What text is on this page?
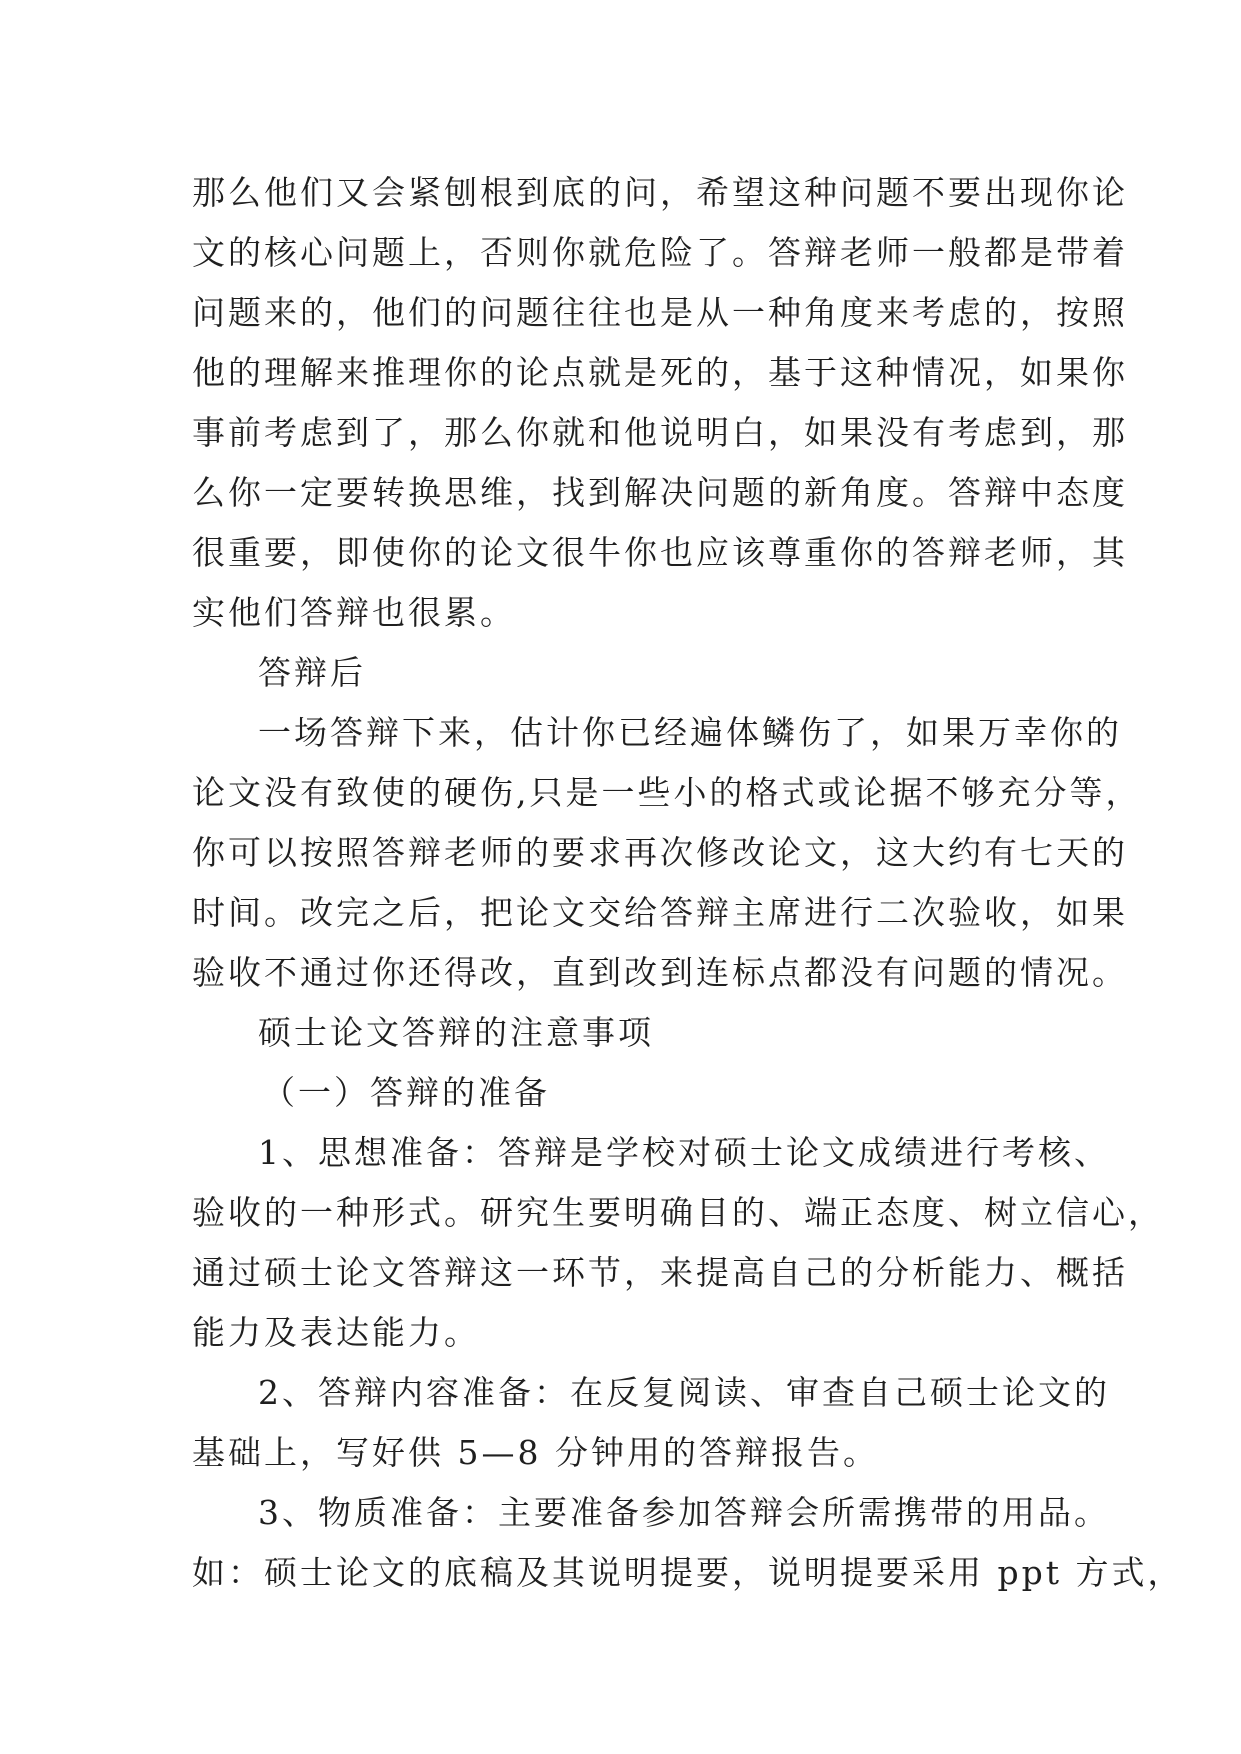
那么他们又会紧刨根到底的问，希望这种问题不要出现你论
文的核心问题上，否则你就危险了。答辩老师一般都是带着
问题来的，他们的问题往往也是从一种角度来考虑的，按照
他的理解来推理你的论点就是死的，基于这种情况，如果你
事前考虑到了，那么你就和他说明白，如果没有考虑到，那
么你一定要转换思维，找到解决问题的新角度。答辩中态度
很重要，即使你的论文很牛你也应该尊重你的答辩老师，其
实他们答辩也很累。
答辩后
一场答辩下来，估计你已经遍体鳞伤了，如果万幸你的
论文没有致使的硬伤,只是一些小的格式或论据不够充分等，
你可以按照答辩老师的要求再次修改论文，这大约有七天的
时间。改完之后，把论文交给答辩主席进行二次验收，如果
验收不通过你还得改，直到改到连标点都没有问题的情况。
硕士论文答辩的注意事项
（一）答辩的准备
1、思想准备：答辩是学校对硕士论文成绩进行考核、
验收的一种形式。研究生要明确目的、端正态度、树立信心，
通过硕士论文答辩这一环节，来提高自己的分析能力、概括
能力及表达能力。
2、答辩内容准备：在反复阅读、审查自己硕士论文的
基础上，写好供 5—8 分钟用的答辩报告。
3、物质准备：主要准备参加答辩会所需携带的用品。
如：硕士论文的底稿及其说明提要，说明提要采用 ppt 方式，
